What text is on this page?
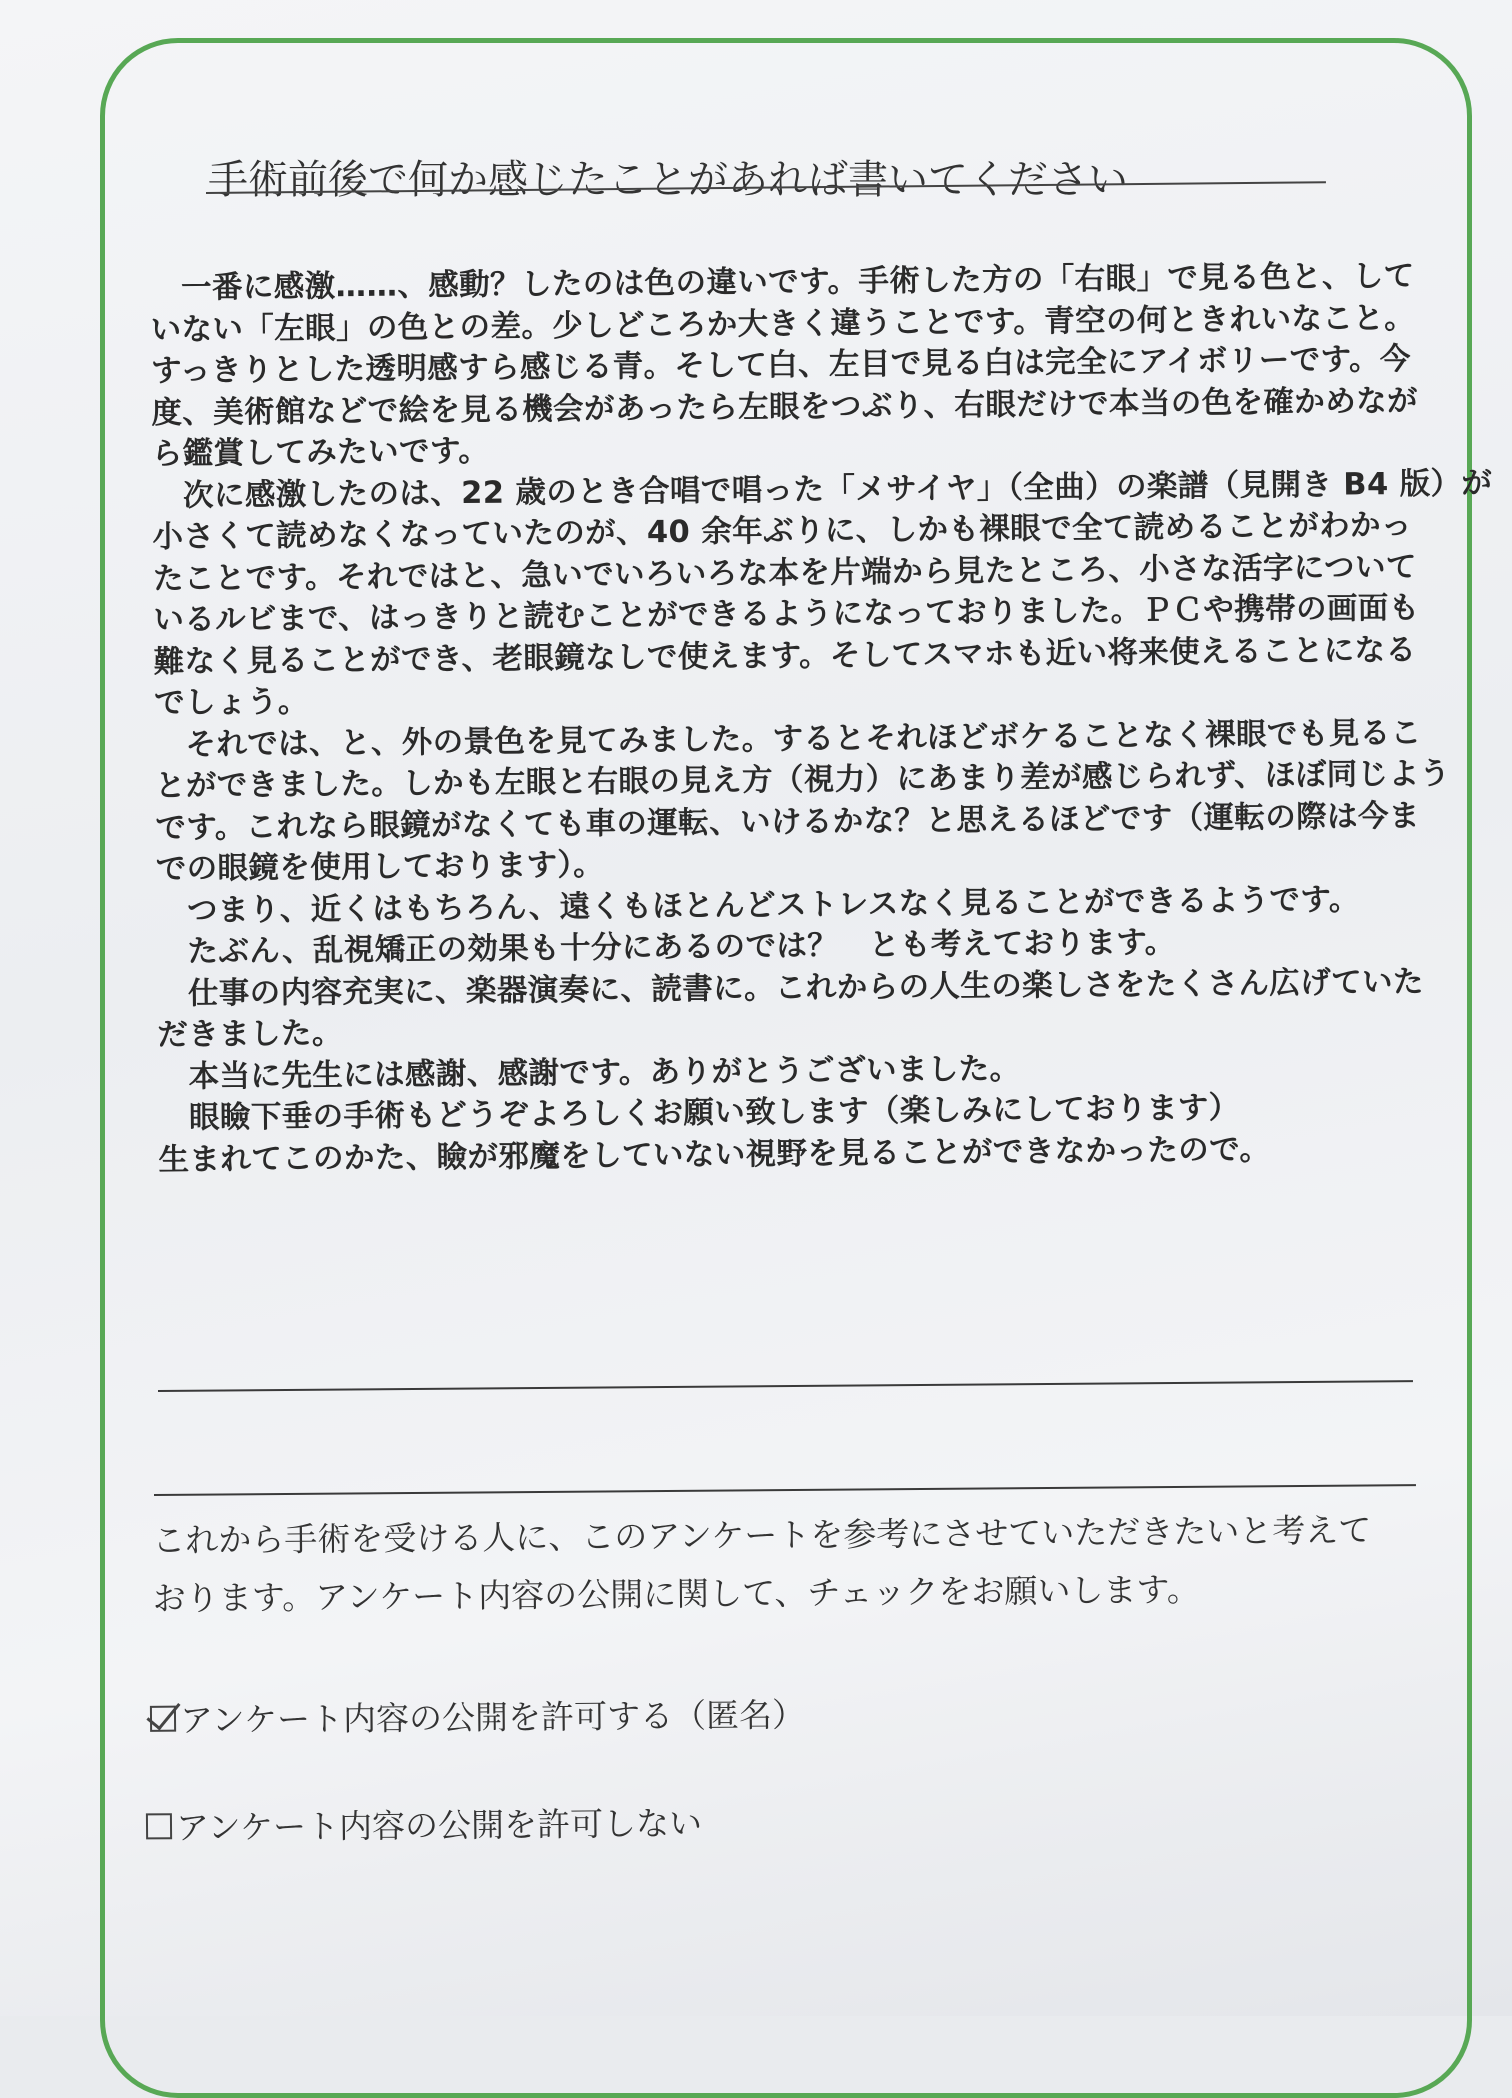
手術前後で何か感じたことがあれば書いてください

　一番に感激……、感動？したのは色の違いです。手術した方の「右眼」で見る色と、して

いない「左眼」の色との差。少しどころか大きく違うことです。青空の何ときれいなこと。

すっきりとした透明感すら感じる青。そして白、左目で見る白は完全にアイボリーです。今

度、美術館などで絵を見る機会があったら左眼をつぶり、右眼だけで本当の色を確かめなが

ら鑑賞してみたいです。

　次に感激したのは、22 歳のとき合唱で唱った「メサイヤ」（全曲）の楽譜（見開き B4 版）が

小さくて読めなくなっていたのが、40 余年ぶりに、しかも裸眼で全て読めることがわかっ

たことです。それではと、急いでいろいろな本を片端から見たところ、小さな活字について

いるルビまで、はっきりと読むことができるようになっておりました。ＰＣや携帯の画面も

難なく見ることができ、老眼鏡なしで使えます。そしてスマホも近い将来使えることになる

でしょう。

　それでは、と、外の景色を見てみました。するとそれほどボケることなく裸眼でも見るこ

とができました。しかも左眼と右眼の見え方（視力）にあまり差が感じられず、ほぼ同じよう

です。これなら眼鏡がなくても車の運転、いけるかな？と思えるほどです（運転の際は今ま

での眼鏡を使用しております）。

　つまり、近くはもちろん、遠くもほとんどストレスなく見ることができるようです。

　たぶん、乱視矯正の効果も十分にあるのでは？　とも考えております。

　仕事の内容充実に、楽器演奏に、読書に。これからの人生の楽しさをたくさん広げていた

だきました。

　本当に先生には感謝、感謝です。ありがとうございました。

　眼瞼下垂の手術もどうぞよろしくお願い致します（楽しみにしております）

生まれてこのかた、瞼が邪魔をしていない視野を見ることができなかったので。

これから手術を受ける人に、このアンケートを参考にさせていただきたいと考えて

おります。アンケート内容の公開に関して、チェックをお願いします。

アンケート内容の公開を許可する（匿名）
アンケート内容の公開を許可しない
